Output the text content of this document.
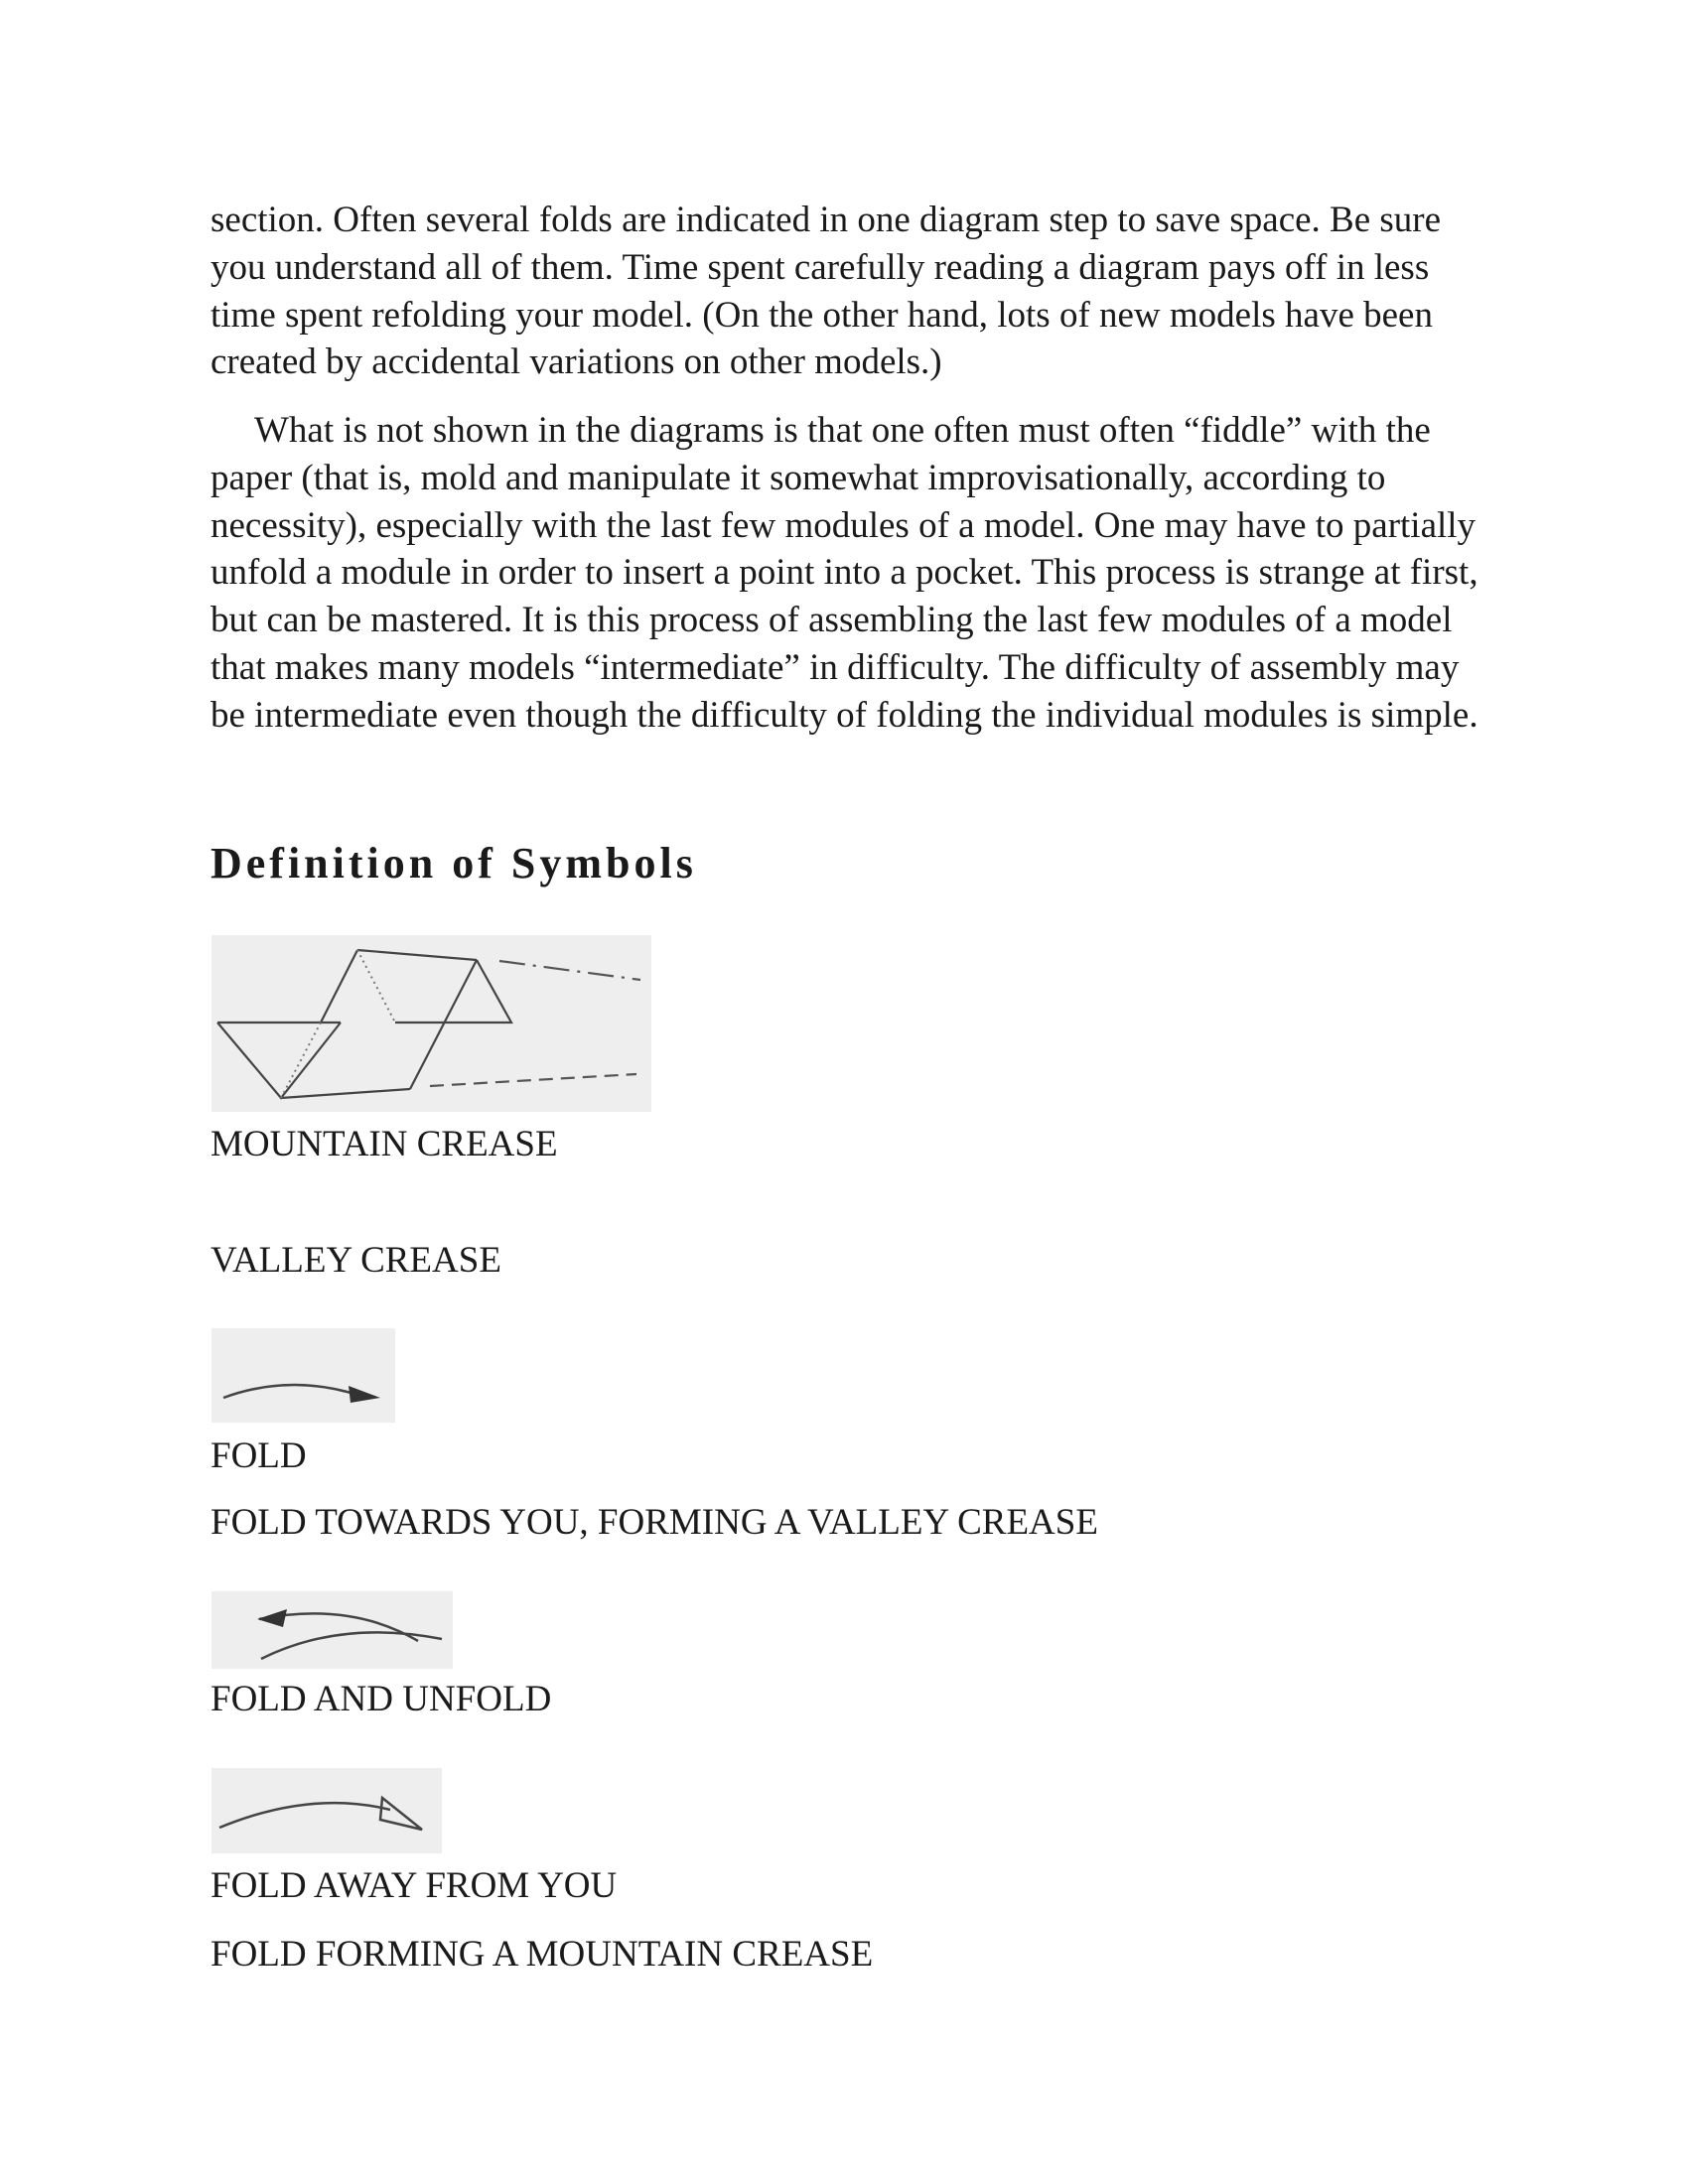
section. Often several folds are indicated in one diagram step to save space. Be sure you understand all of them. Time spent carefully reading a diagram pays off in less time spent refolding your model. (On the other hand, lots of new models have been created by accidental variations on other models.)

What is not shown in the diagrams is that one often must often “fiddle” with the paper (that is, mold and manipulate it somewhat improvisationally, according to necessity), especially with the last few modules of a model. One may have to partially unfold a module in order to insert a point into a pocket. This process is strange at first, but can be mastered. It is this process of assembling the last few modules of a model that makes many models “intermediate” in difficulty. The difficulty of assembly may be intermediate even though the difficulty of folding the individual modules is simple.

Definition of Symbols

MOUNTAIN CREASE

VALLEY CREASE

FOLD

FOLD TOWARDS YOU, FORMING A VALLEY CREASE

FOLD AND UNFOLD

FOLD AWAY FROM YOU

FOLD FORMING A MOUNTAIN CREASE
